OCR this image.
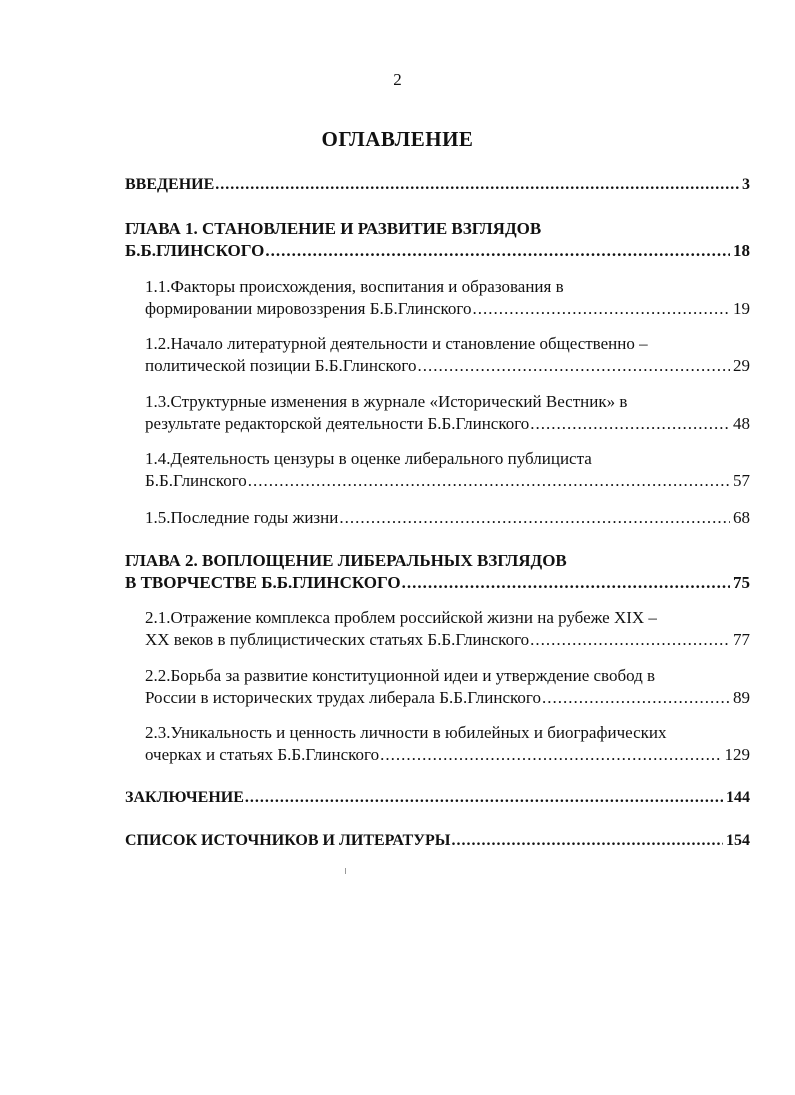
2
ОГЛАВЛЕНИЕ
ВВЕДЕНИЕ .....	3
ГЛАВА 1. СТАНОВЛЕНИЕ И РАЗВИТИЕ ВЗГЛЯДОВ
Б.Б.ГЛИНСКОГО .....	18
1.1.Факторы происхождения, воспитания и образования в
формировании мировоззрения Б.Б.Глинского .....	19
1.2.Начало литературной деятельности и становление общественно –
политической позиции Б.Б.Глинского .....	29
1.3.Структурные изменения в журнале «Исторический Вестник» в
результате редакторской деятельности Б.Б.Глинского .....	48
1.4.Деятельность цензуры в оценке либерального публициста
Б.Б.Глинского .....	57
1.5.Последние годы жизни .....	68
ГЛАВА 2. ВОПЛОЩЕНИЕ ЛИБЕРАЛЬНЫХ ВЗГЛЯДОВ
В ТВОРЧЕСТВЕ Б.Б.ГЛИНСКОГО .....	75
2.1.Отражение комплекса проблем российской жизни на рубеже XIX –
XX веков в публицистических статьях Б.Б.Глинского .....	77
2.2.Борьба за развитие конституционной идеи и утверждение свобод в
России в исторических трудах либерала Б.Б.Глинского .....	89
2.3.Уникальность и ценность личности в юбилейных и биографических
очерках и статьях Б.Б.Глинского .....	129
ЗАКЛЮЧЕНИЕ .....	144
СПИСОК ИСТОЧНИКОВ И ЛИТЕРАТУРЫ .....	154
